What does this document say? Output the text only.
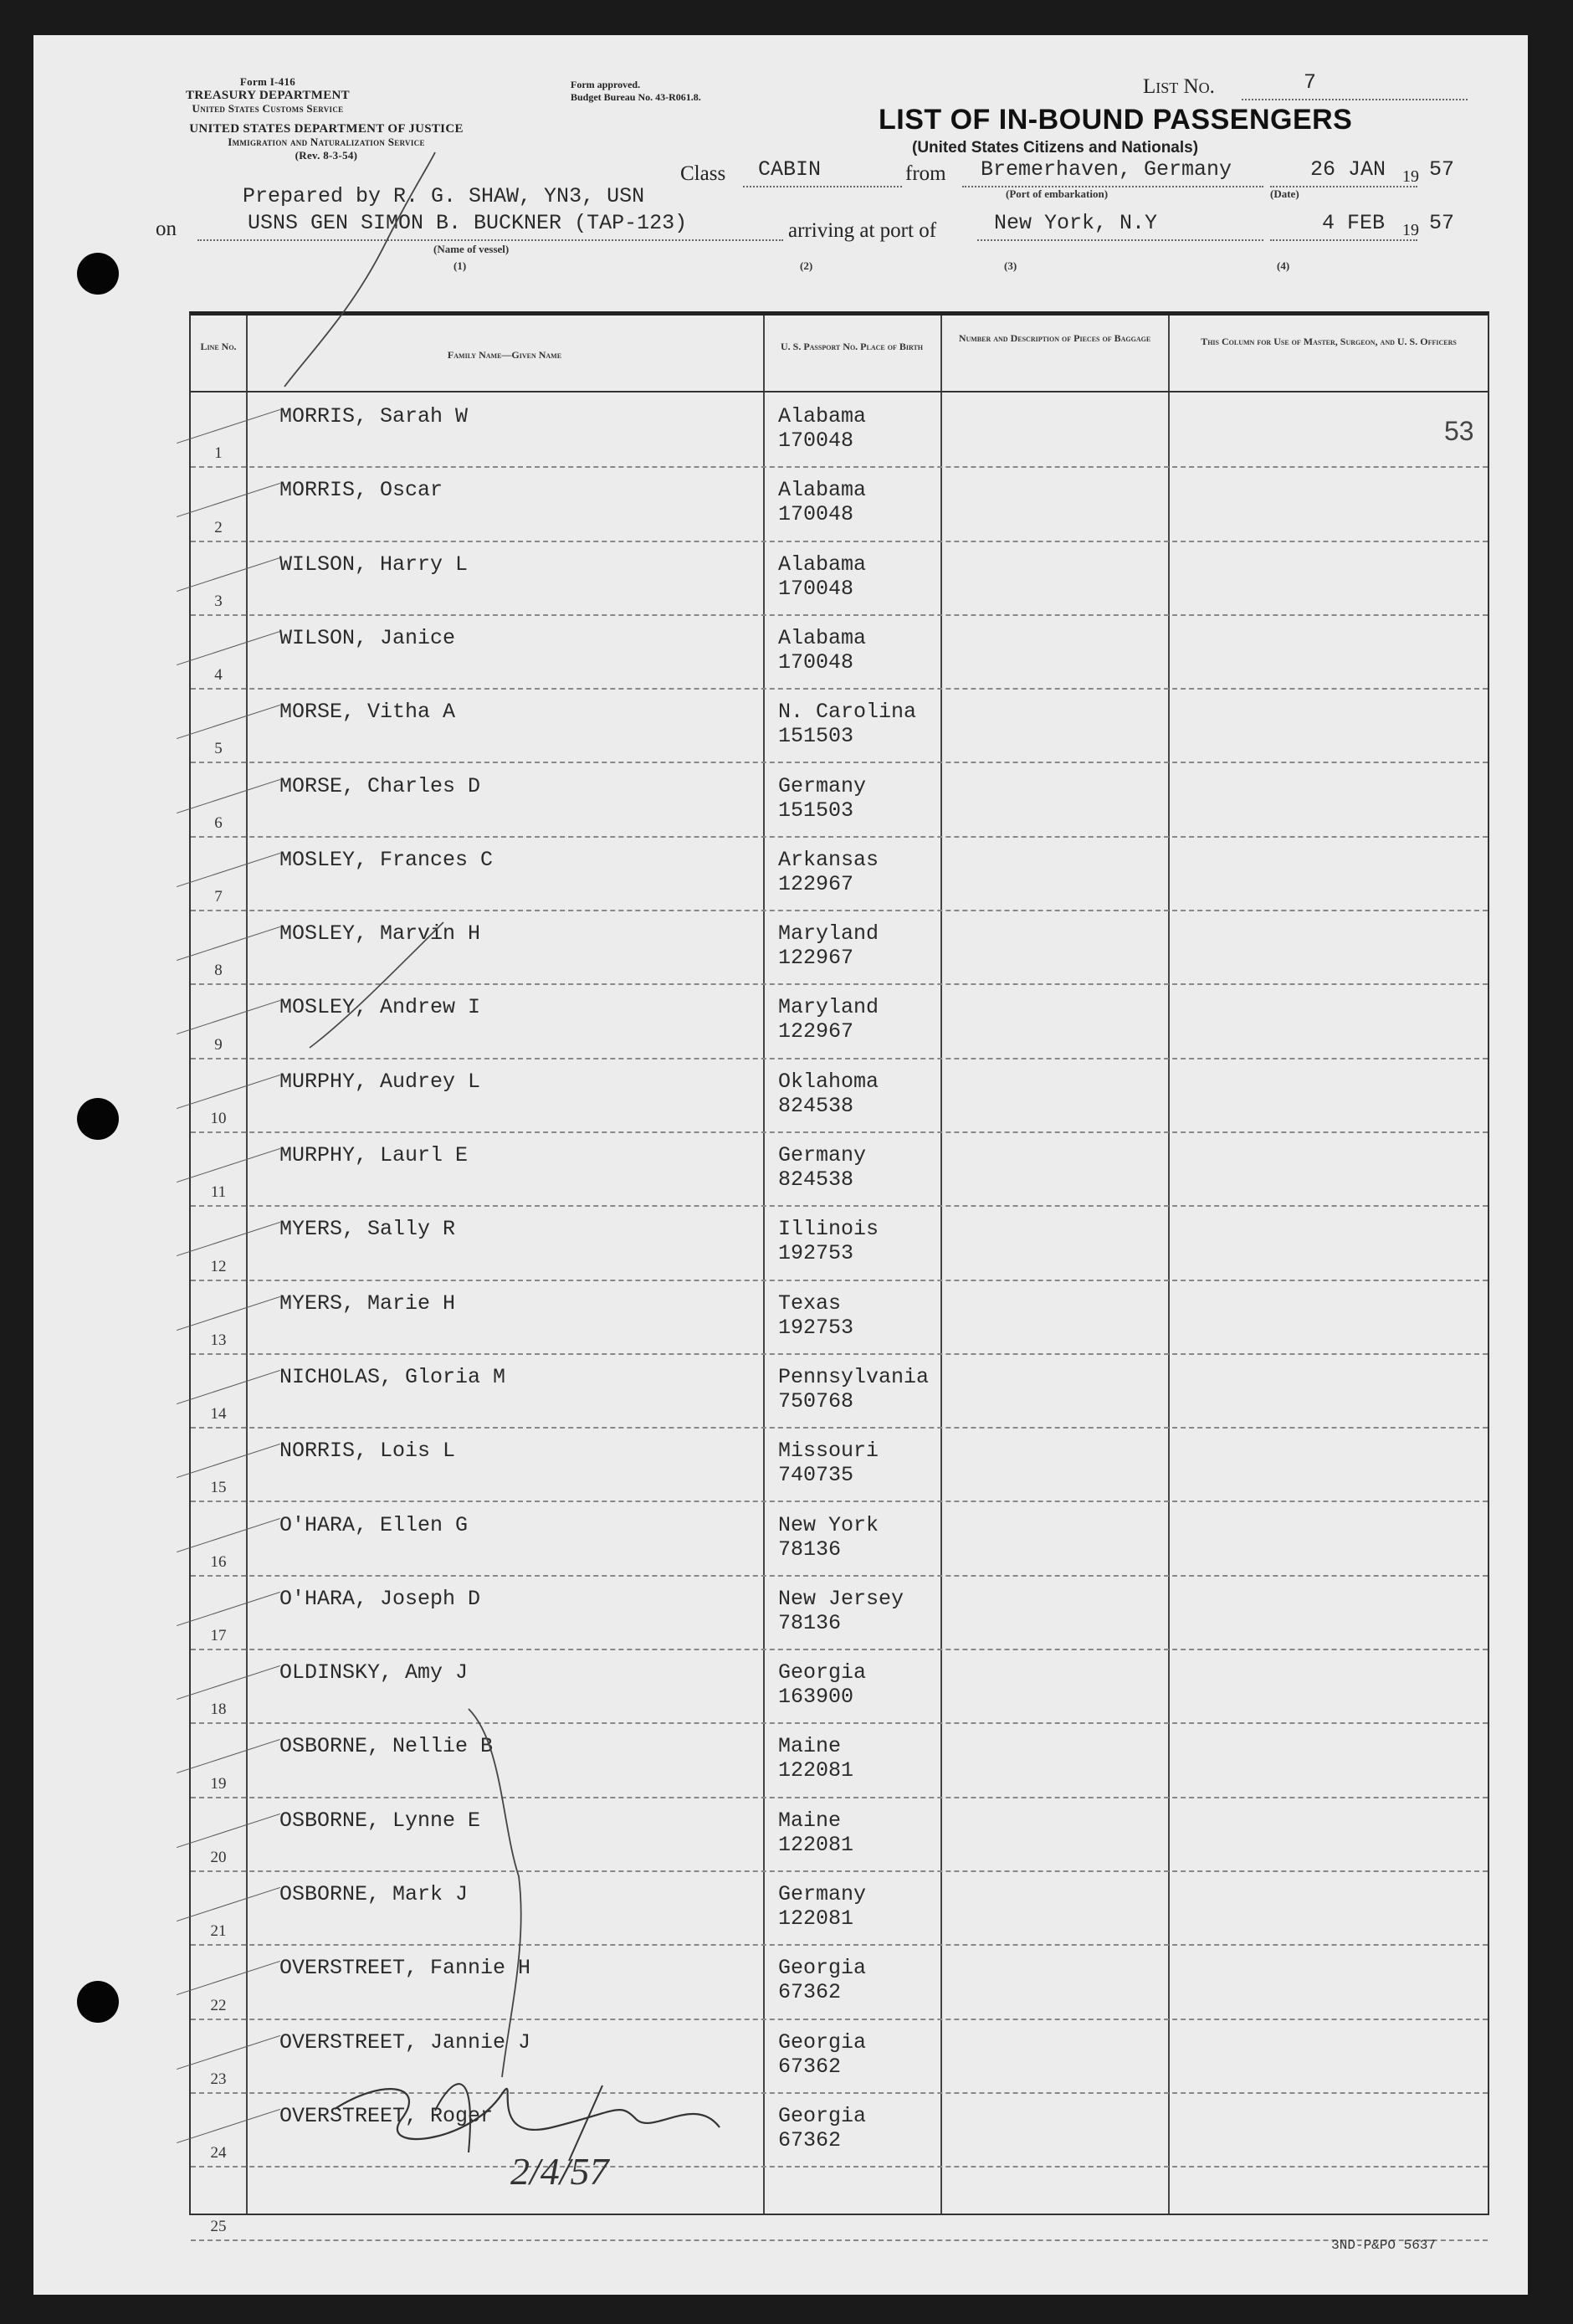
Form I-416
TREASURY DEPARTMENT
United States Customs Service
UNITED STATES DEPARTMENT OF JUSTICE
Immigration and Naturalization Service
(Rev. 8-3-54)
Form approved.
Budget Bureau No. 43-R061.8.	List No.	7
LIST OF IN-BOUND PASSENGERS
(United States Citizens and Nationals)
Class CABIN	from Bremerhaven, Germany
(Port of embarkation)
26 JAN 19 57
(Date)
Prepared by R. G. SHAW, YN3, USN
on	USNS GEN SIMON B. BUCKNER (TAP-123)
(Name of vessel)
arriving at port of	New York, N.Y	4 FEB 19 57
(1)	(2)	(3)	(4)
Line No.
Family Name—Given Name
U. S. Passport No. Place of Birth
Number and Description of Pieces of Baggage	This Column for Use of Master, Surgeon, and U. S. Officers
1
MORRIS, Sarah W	Alabama
170048
2
MORRIS, Oscar	Alabama
170048
3
WILSON, Harry L	Alabama
170048
4
WILSON, Janice	Alabama
170048
5
MORSE, Vitha A	N. Carolina
151503
6
MORSE, Charles D	Germany
151503
7
MOSLEY, Frances C	Arkansas
122967
8
MOSLEY, Marvin H	Maryland
122967
9
MOSLEY, Andrew I	Maryland
122967
10
MURPHY, Audrey L	Oklahoma
824538
11
MURPHY, Laurl E	Germany
824538
12
MYERS, Sally R	Illinois
192753
13
MYERS, Marie H	Texas
192753
14
NICHOLAS, Gloria M	Pennsylvania
750768
15
NORRIS, Lois L	Missouri
740735
16
O'HARA, Ellen G	New York
78136
17
O'HARA, Joseph D	New Jersey
78136
18
OLDINSKY, Amy J	Georgia
163900
19
OSBORNE, Nellie B	Maine
122081
20
OSBORNE, Lynne E	Maine
122081
21
OSBORNE, Mark J	Germany
122081
22
OVERSTREET, Fannie H	Georgia
67362
23
OVERSTREET, Jannie J	Georgia
67362
24
OVERSTREET, Roger	Georgia
67362
25
53
2/4/57
3ND-P&PO 5637
